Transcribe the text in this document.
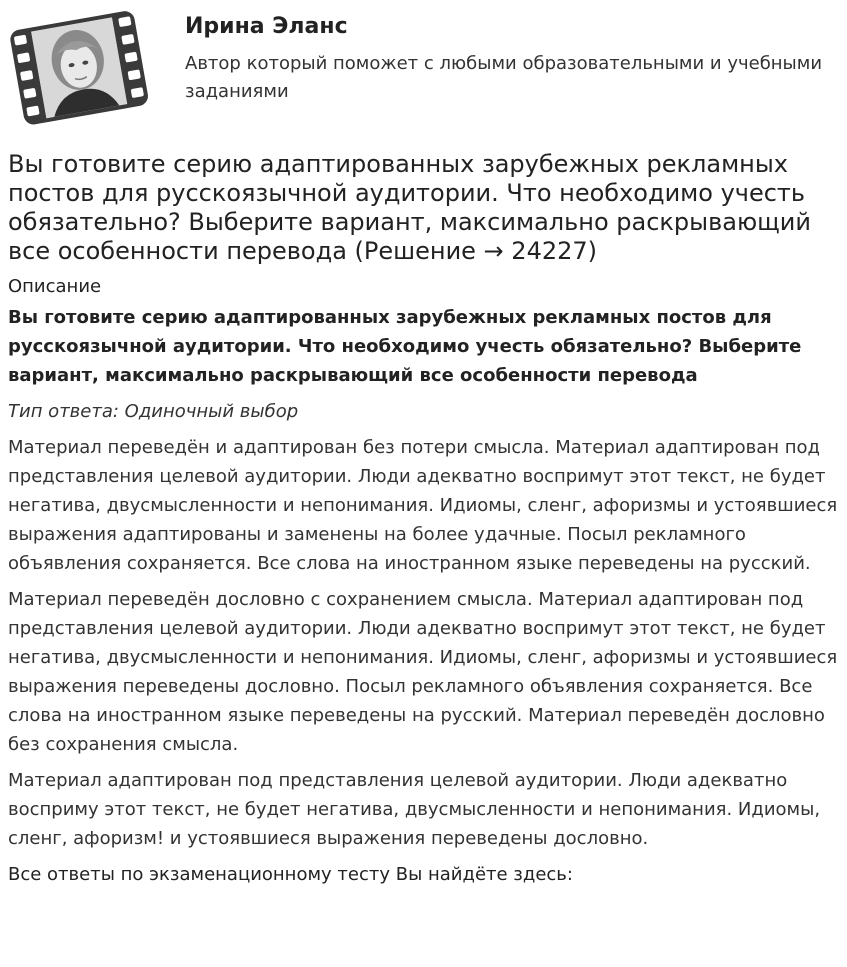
Ирина Эланс
Автор который поможет с любыми образовательными и учебными заданиями
Вы готовите серию адаптированных зарубежных рекламных постов для русскоязычной аудитории. Что необходимо учесть обязательно? Выберите вариант, максимально раскрывающий все особенности перевода (Решение → 24227)

Описание

Вы готовите серию адаптированных зарубежных рекламных постов для русскоязычной аудитории. Что необходимо учесть обязательно? Выберите вариант, максимально раскрывающий все особенности перевода

Тип ответа: Одиночный выбор

Материал переведён и адаптирован без потери смысла. Материал адаптирован под представления целевой аудитории. Люди адекватно воспримут этот текст, не будет негатива, двусмысленности и непонимания. Идиомы, сленг, афоризмы и устоявшиеся выражения адаптированы и заменены на более удачные. Посыл рекламного объявления сохраняется. Все слова на иностранном языке переведены на русский.

Материал переведён дословно с сохранением смысла. Материал адаптирован под представления целевой аудитории. Люди адекватно воспримут этот текст, не будет негатива, двусмысленности и непонимания. Идиомы, сленг, афоризмы и устоявшиеся выражения переведены дословно. Посыл рекламного объявления сохраняется. Все слова на иностранном языке переведены на русский. Материал переведён дословно без сохранения смысла.

Материал адаптирован под представления целевой аудитории. Люди адекватно восприму этот текст, не будет негатива, двусмысленности и непонимания. Идиомы, сленг, афоризм! и устоявшиеся выражения переведены дословно.

Все ответы по экзаменационному тесту Вы найдёте здесь:
